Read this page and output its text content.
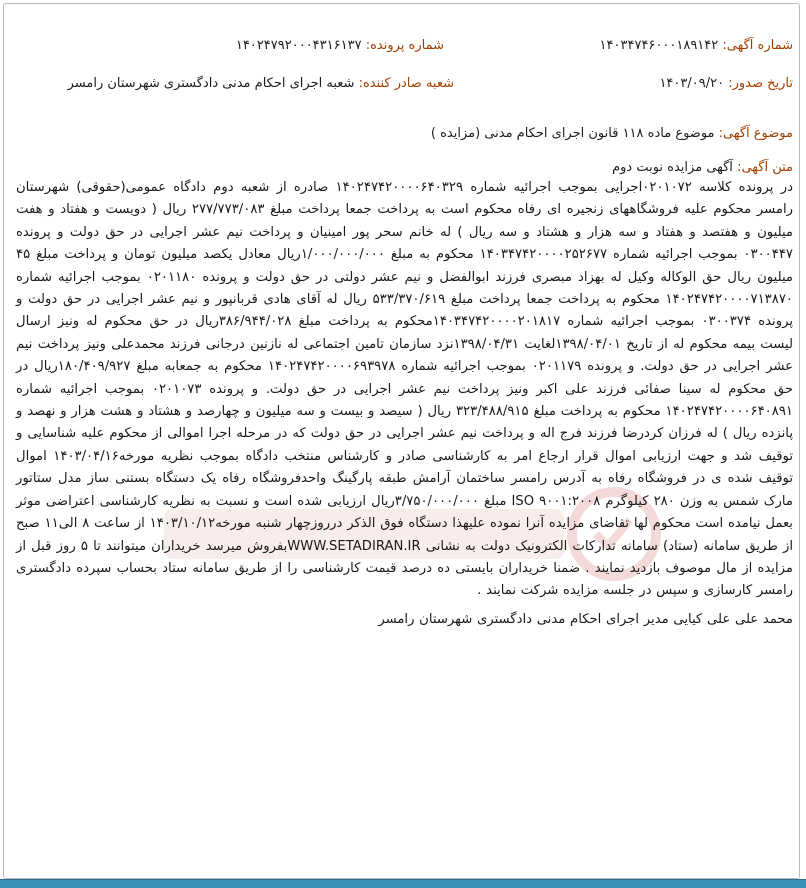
شماره آگهی: ۱۴۰۳۴۷۴۶۰۰۰۱۸۹۱۴۲
شماره پرونده: ۱۴۰۲۴۷۹۲۰۰۰۴۳۱۶۱۳۷
تاریخ صدور: ۱۴۰۳/۰۹/۲۰
شعبه صادر کننده: شعبه اجرای احکام مدنی دادگستری شهرستان رامسر
موضوع آگهی: موضوع ماده ۱۱۸ قانون اجرای احکام مدنی (مزایده )
متن آگهی: آگهی مزایده نوبت دوم

در پرونده کلاسه ۰۲۰۱۰۷۲اجرایی بموجب اجرائیه شماره ۱۴۰۲۴۷۴۲۰۰۰۰۶۴۰۳۲۹ صادره از شعبه دوم دادگاه عمومی(حقوقی) شهرستان رامسر محکوم علیه فروشگاههای زنجیره ای رفاه محکوم است به پرداخت جمعا پرداخت مبلغ ۲۷۷/۷۷۳/۰۸۳ ریال ( دویست و هفتاد و هفت میلیون و هفتصد و هفتاد و سه هزار و هشتاد و سه ریال ) له خانم سحر پور امینیان و پرداخت نیم عشر اجرایی در حق دولت و پرونده ۰۳۰۰۴۴۷ بموجب اجرائیه شماره ۱۴۰۳۴۷۴۲۰۰۰۰۲۵۲۶۷۷ محکوم به مبلغ ۱/۰۰۰/۰۰۰/۰۰۰ریال معادل یکصد میلیون تومان و پرداخت مبلغ ۴۵ میلیون ریال حق الوکاله وکیل له بهزاد مبصری فرزند ابوالفضل و نیم عشر دولتی در حق دولت و پرونده ۰۲۰۱۱۸۰ بموجب اجرائیه شماره ۱۴۰۲۴۷۴۲۰۰۰۰۷۱۳۸۷۰ محکوم به پرداخت جمعا پرداخت مبلغ ۵۳۳/۳۷۰/۶۱۹ ریال له آقای هادی قربانپور و نیم عشر اجرایی در حق دولت و پرونده ۰۳۰۰۳۷۴ بموجب اجرائیه شماره ۱۴۰۳۴۷۴۲۰۰۰۰۲۰۱۸۱۷محکوم به پرداخت مبلغ ۳۸۶/۹۴۴/۰۲۸ریال در حق محکوم له ونیز ارسال لیست بیمه محکوم له از تاریخ ۱۳۹۸/۰۴/۰۱لغایت ۱۳۹۸/۰۴/۳۱نزد سازمان تامین اجتماعی له نازنین درجانی فرزند محمدعلی ونیز پرداخت نیم عشر اجرایی در حق دولت. و پرونده ۰۲۰۱۱۷۹ بموجب اجرائیه شماره ۱۴۰۲۴۷۴۲۰۰۰۰۶۹۳۹۷۸ محکوم به جمعابه مبلغ ۱۸۰/۴۰۹/۹۲۷ریال در حق محکوم له سینا صفائی فرزند علی اکبر ونیز پرداخت نیم عشر اجرایی در حق دولت. و پرونده ۰۲۰۱۰۷۳ بموجب اجرائیه شماره ۱۴۰۲۴۷۴۲۰۰۰۰۶۴۰۸۹۱ محکوم به پرداخت مبلغ ۳۲۳/۴۸۸/۹۱۵ ریال ( سیصد و بیست و سه میلیون و چهارصد و هشتاد و هشت هزار و نهصد و پانزده ریال ) له فرزان کردرضا فرزند فرج اله و پرداخت نیم عشر اجرایی در حق دولت که در مرحله اجرا اموالی از محکوم علیه شناسایی و توقیف شد و جهت ارزیابی اموال قرار ارجاع امر به کارشناسی صادر و کارشناس منتخب دادگاه بموجب نظریه مورخه۱۴۰۳/۰۴/۱۶ اموال توقیف شده ی در فروشگاه رفاه به آدرس رامسر ساختمان آرامش طبقه پارگینگ واحدفروشگاه رفاه یک دستگاه بستنی ساز مدل ستاتور مارک شمس به وزن ۲۸۰ کیلوگرم ISO ۹۰۰۱:۲۰۰۸ مبلغ ۳/۷۵۰/۰۰۰/۰۰۰ریال ارزیابی شده است و نسبت به نظریه کارشناسی اعتراضی موثر بعمل نیامده است محکوم لها تقاضای مزایده آنرا نموده علیهذا دستگاه فوق الذکر درروزچهار شنبه مورخه۱۴۰۳/۱۰/۱۲ از ساعت ۸ الی۱۱ صبح از طریق سامانه (ستاد) سامانه تدارکات الکترونیک دولت به نشانی WWW.SETADIRAN.IRبفروش میرسد خریداران میتوانند تا ۵ روز قبل از مزایده از مال موصوف بازدید نمایند . ضمنا خریداران بایستی ده درصد قیمت کارشناسی را از طریق سامانه ستاد بحساب سپرده دادگستری رامسر کارسازی و سپس در جلسه مزایده شرکت نمایند .

محمد علی علی کیایی مدیر اجرای احکام مدنی دادگستری شهرستان رامسر
